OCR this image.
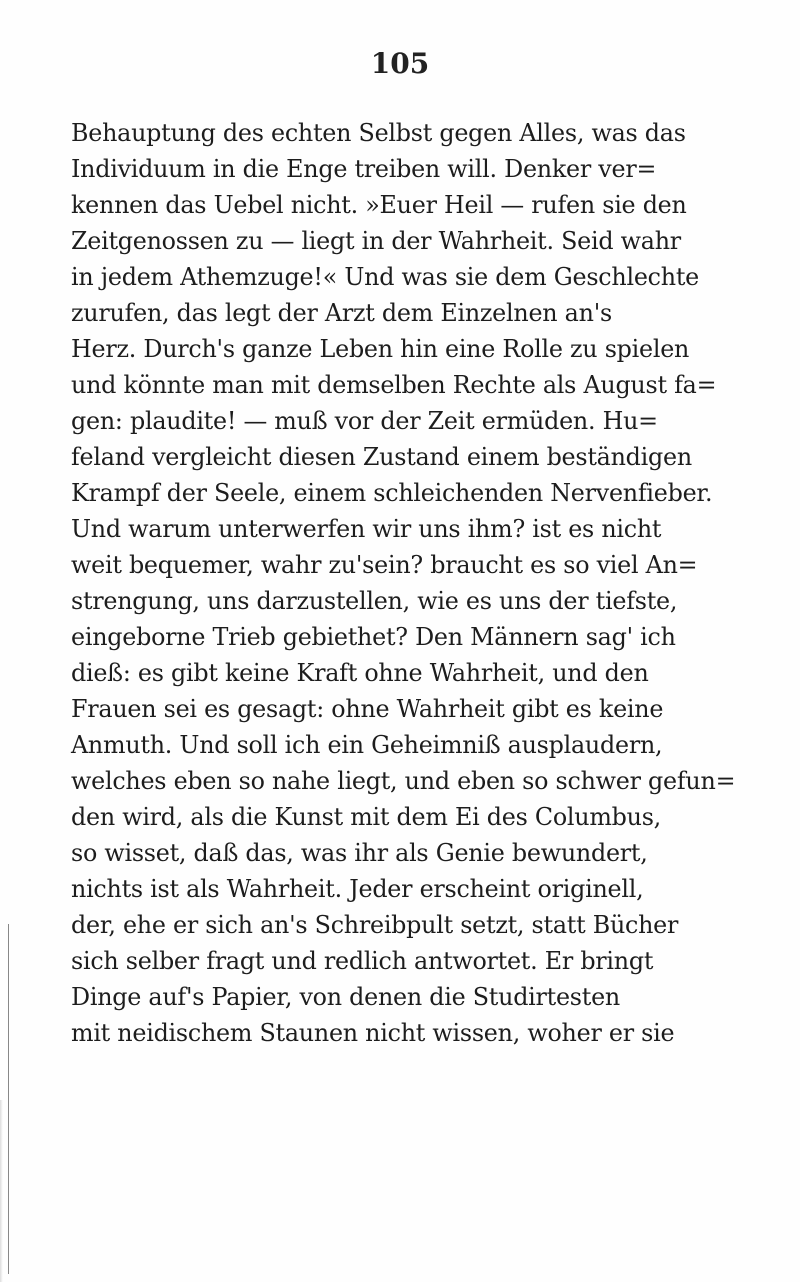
105
Behauptung des echten Selbst gegen Alles, was das
Individuum in die Enge treiben will. Denker ver=
kennen das Uebel nicht. »Euer Heil — rufen sie den
Zeitgenossen zu — liegt in der Wahrheit. Seid wahr
in jedem Athemzuge!« Und was sie dem Geschlechte
zurufen, das legt der Arzt dem Einzelnen an's
Herz. Durch's ganze Leben hin eine Rolle zu spielen
und könnte man mit demselben Rechte als August fa=
gen: plaudite! — muß vor der Zeit ermüden. Hu=
feland vergleicht diesen Zustand einem beständigen
Krampf der Seele, einem schleichenden Nervenfieber.
Und warum unterwerfen wir uns ihm? ist es nicht
weit bequemer, wahr zu'sein? braucht es so viel An=
strengung, uns darzustellen, wie es uns der tiefste,
eingeborne Trieb gebiethet? Den Männern sag' ich
dieß: es gibt keine Kraft ohne Wahrheit, und den
Frauen sei es gesagt: ohne Wahrheit gibt es keine
Anmuth. Und soll ich ein Geheimniß ausplaudern,
welches eben so nahe liegt, und eben so schwer gefun=
den wird, als die Kunst mit dem Ei des Columbus,
so wisset, daß das, was ihr als Genie bewundert,
nichts ist als Wahrheit. Jeder erscheint originell,
der, ehe er sich an's Schreibpult setzt, statt Bücher
sich selber fragt und redlich antwortet. Er bringt
Dinge auf's Papier, von denen die Studirtesten
mit neidischem Staunen nicht wissen, woher er sie
